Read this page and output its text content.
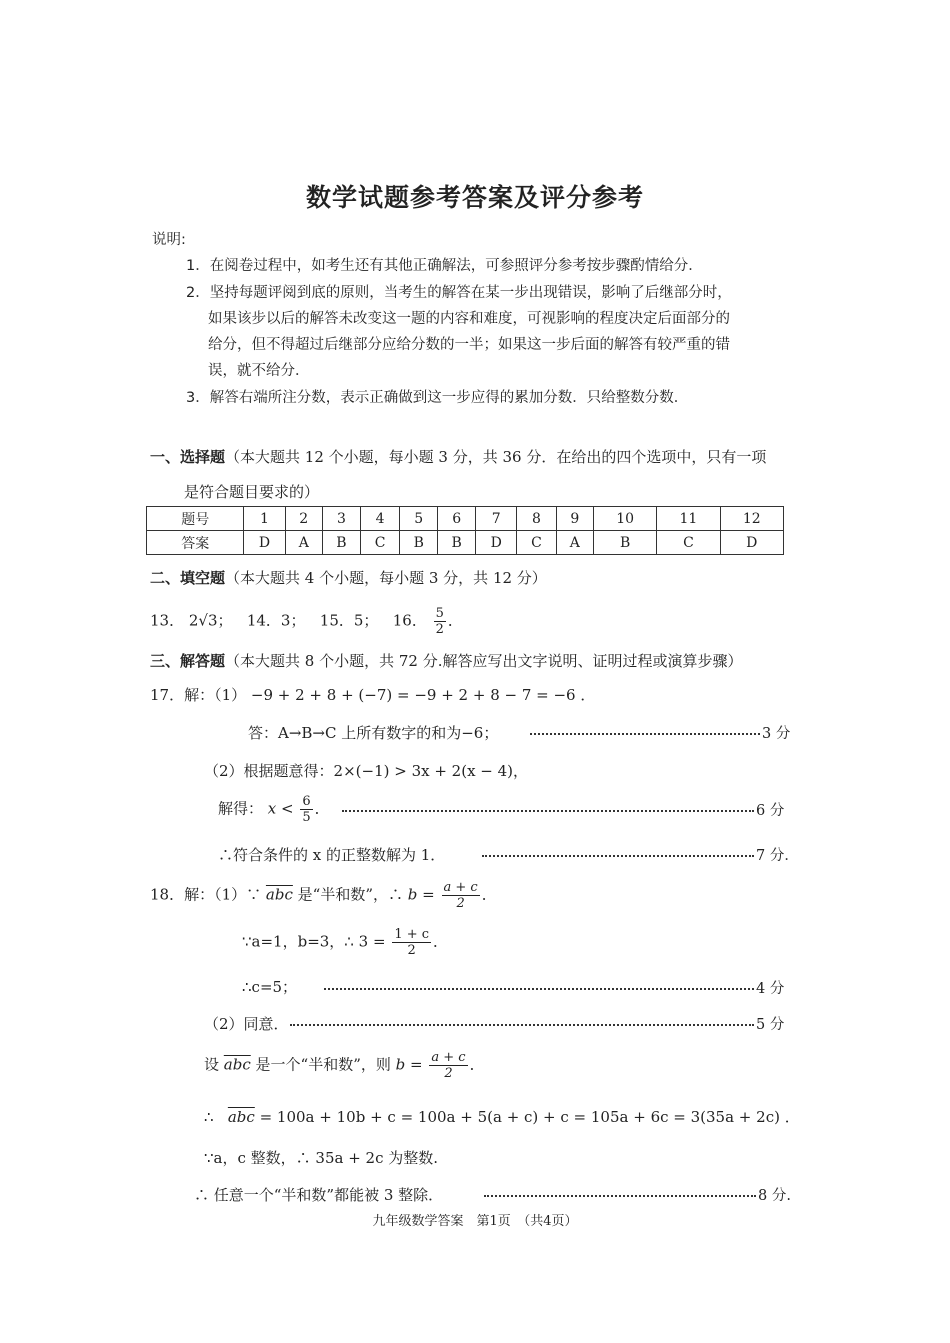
数学试题参考答案及评分参考
说明:
1．在阅卷过程中，如考生还有其他正确解法，可参照评分参考按步骤酌情给分．
2．坚持每题评阅到底的原则，当考生的解答在某一步出现错误，影响了后继部分时，
如果该步以后的解答未改变这一题的内容和难度，可视影响的程度决定后面部分的
给分，但不得超过后继部分应给分数的一半；如果这一步后面的解答有较严重的错
误，就不给分．
3．解答右端所注分数，表示正确做到这一步应得的累加分数．只给整数分数．
一、选择题（本大题共 12 个小题，每小题 3 分，共 36 分．在给出的四个选项中，只有一项
是符合题目要求的）
题号	1	2	3	4	5	6	7	8	9	10	11	12
答案	D	A	B	C	B	B	D	C	A	B	C	D
二、填空题（本大题共 4 个小题，每小题 3 分，共 12 分）
13． 2√3； 14．3； 15．5； 16． $\frac{5}{2}$ ．
三、解答题（本大题共 8 个小题，共 72 分.解答应写出文字说明、证明过程或演算步骤）
17．解：（1） −9 + 2 + 8 + (−7) = −9 + 2 + 8 − 7 = −6 ．
答：A→B→C 上所有数字的和为−6；	3 分
（2）根据题意得：2×(−1) > 3x + 2(x − 4)，
解得： $x < \frac{6}{5}$ ．	6 分
∴符合条件的 x 的正整数解为 1．	7 分．
18．解：（1）∵ $\overline{abc}$ 是“半和数”，∴ $b = \frac{a + c}{2}$ ．
∵a=1，b=3，∴ $3 = \frac{1 + c}{2}$ ．
∴c=5；	4 分
（2）同意．	5 分
设 $\overline{abc}$ 是一个“半和数”，则 $b = \frac{a + c}{2}$ ．
∴ $\overline{abc} = 100a + 10b + c = 100a + 5(a + c) + c = 105a + 6c = 3(35a + 2c)$ ．
∵a，c 整数，∴ 35a + 2c 为整数.
∴ 任意一个“半和数”都能被 3 整除．	8 分.
九年级数学答案　第1页　（共4页）
